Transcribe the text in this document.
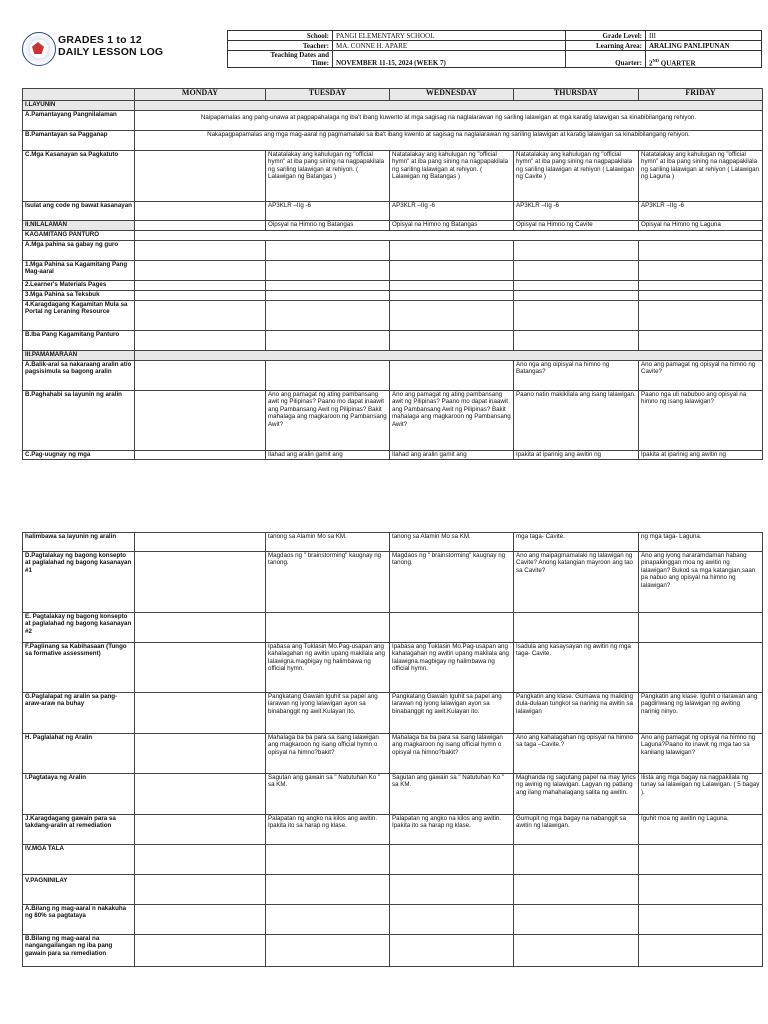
GRADES 1 to 12
DAILY LESSON LOG
School:	PANGI ELEMENTARY SCHOOL	Grade Level:	III
Teacher:	MA. CONNE H. APARE	Learning Area:	ARALING PANLIPUNAN

Teaching Dates and
Time:	NOVEMBER 11-15, 2024 (WEEK 7)	Quarter:	2ND QUARTER
	MONDAY	TUESDAY	WEDNESDAY	THURSDAY	FRIDAY
I.LAYUNIN					
A.Pamantayang Pangnilalaman	Naipapamalas ang pang-unawa at pagpapahalaga ng iba't ibang kuwento at mga sagisag na naglalarawan ng sariling lalawigan at mga karatig lalawigan sa kinabibilangang rehiyon.				
B.Pamantayan sa Pagganap	Nakapagpapamalas ang mga mag-aaral ng pagmamalaki sa iba't ibang kwento at sagisag na naglalarawan ng sariling lalawigan at karatig lalawigan sa kinabibilangang rehiyon.				
C.Mga Kasanayan sa Pagkatuto		Natatalakay ang kahulugan ng "official hymn" at iba pang sining na nagpapakilala ng sariling lalawigan at rehiyon. ( Lalawigan ng Batangas )	Natatalakay ang kahulugan ng "official hymn" at iba pang sining na nagpapakilala ng sariling lalawigan at rehiyon. ( Lalawigan ng Batangas )	Natatalakay ang kahulugan ng "official hymn" at iba pang sining na nagpapakilala ng sariling lalawigan at rehiyon ( Lalawigan ng Cavite )	Natatalakay ang kahulugan ng "official hymn" at iba pang sining na nagpapakilala ng sariling lalawigan at rehiyon ( Lalawigan ng Laguna )
Isulat ang code ng bawat kasanayan		AP3KLR –IIg -6	AP3KLR –IIg -6	AP3KLR –IIg -6	AP3KLR –IIg -6
II.NILALAMAN		Oipsyal na Himno ng Batangas	Opisyal na Himno ng Batangas	Opisyal na Himno ng Cavite	Opisyal na Himno ng Laguna
KAGAMITANG PANTURO					
A.Mga pahina sa gabay ng guro					
1.Mga Pahina sa Kagamitang Pang Mag-aaral					
2.Learner's Materials Pages					
3.Mga Pahina sa Teksbuk					
4.Karagdagang Kagamitan Mula sa Portal ng Leraning Resource					
B.Iba Pang Kagamitang Panturo					
III.PAMAMARAAN					
A.Balik-aral sa nakaraang aralin at/o pagsisimula sa bagong aralin				Ano nga ang oipisyal na himno ng Batangas?	Ano ang pamagat ng opisyal na himno ng Cavite?
B.Paghahabi sa layunin ng aralin		Ano ang pamagat ng ating pambansang awit ng Pilipinas? Paano mo dapat inaawit ang Pambansang Awit ng Pilipinas? Bakit mahalaga ang magkaroon ng Pambansang Awit?	Ano ang pamagat ng ating pambansang awit ng Pilipinas? Paano mo dapat inaawit ang Pambansang Awit ng Pilipinas? Bakit mahalaga ang magkaroon ng Pambansang Awit?	Paano natin makikilala ang isang lalawigan.	Paano nga uli nabubuo ang opisyal na himno ng isang lalawigan?
C.Pag-uugnay ng mga		Ilahad ang aralin gamit ang	Ilahad ang aralin gamit ang	Ipakita at iparinig ang awitin ng	Ipakita at iparinig ang awitin ng
halimbawa sa layunin ng aralin		tanong sa Alamin Mo sa KM.	tanong sa Alamin Mo sa KM.	mga taga- Cavite.	ng mga taga- Laguna.
D.Pagtalakay ng bagong konsepto at paglalahad ng bagong kasanayan #1		Magdaos ng " brainstorming" kaugnay ng tanong.	Magdaos ng " brainstorming" kaugnay ng tanong.	Ano ang maipagmamalaki ng lalawigan ng Cavite? Anong katangian mayroon ang tao sa Cavite?	Ano ang iyong nararamdaman habang pinapakinggan moa ng awitin ng lalawigan? Bukod sa mga katangian,saan pa nabuo ang opisyal na himno ng lalawigan?
E. Pagtalakay ng bagong konsepto at paglalahad ng bagong kasanayan #2					
F.Paglinang sa Kabihasaan (Tungo sa formative assessment)		Ipabasa ang Tuklasin Mo.Pag-usapan ang kahalagahan ng awitin upang makilala ang lalawigna.magbigay ng halimbawa ng official hymn.	Ipabasa ang Tuklasin Mo.Pag-usapan ang kahalagahan ng awitin upang makilala ang lalawigna.magbigay ng halimbawa ng official hymn.	Isadula ang kasaysayan ng awitin ng mga taga- Cavite.	
G.Paglalapat ng aralin sa pang-araw-araw na buhay		Pangkatang Gawain Iguhit sa papel ang larawan ng iyong lalawigan ayon sa binabanggit ng awit.Kulayan ito.	Pangkatang Gawain Iguhit sa papel ang larawan ng iyong lalawigan ayon sa binabanggit ng awit.Kulayan ito.	Pangkatin ang klase. Gumawa ng maikling dula-dulaan tungkol sa narinig na awitin sa lalawigan	Pangkatin ang klase. Iguhit o ilarawan ang pagdiriwang ng lalawigan ng awiting narinig ninyo.
H. Paglalahat ng Aralin		Mahalaga ba ba para sa isang lalawigan ang magkaroon ng isang official hymn o opisyal na himno?bakit?	Mahalaga ba ba para sa isang lalawigan ang magkaroon ng isang official hymn o opisyal na himno?bakit?	Ano ang kahalagahan ng opisyal na himno sa taga –Cavite.?	Ano ang pamagat ng opisyal na himno ng Laguna?Paano ito inawit ng mga tao sa kanilang lalawigan?
I.Pagtataya ng Aralin		Sagutan ang gawain sa " Natutuhan Ko " sa KM.	Sagutan ang gawain sa " Natutuhan Ko " sa KM.	Maghanda ng sagutang papel na may lyrics ng awinig ng lalawigan. Lagyan ng patlang ang ilang mahahalagang salita ng awitin.	Ilista ang mga bagay na nagpakilala ng tunay sa lalawigan ng Lalawigan. ( 5 bagay ).
J.Karagdagang gawain para sa takdang-aralin at remediation		Palapatan ng angko na kilos ang awitin. Ipakita ito sa harap ng klase.	Palapatan ng angko na kilos ang awitin. Ipakita ito sa harap ng klase.	Gumupit ng mga bagay na nabanggit sa awitin ng lalawigan.	Iguhit moa ng awitin ng Laguna.
IV.MGA TALA					
V.PAGNINILAY					
A.Bilang ng mag-aaral n nakakuha ng 80% sa pagtataya					
B.Bilang ng mag-aaral na nangangailangan ng iba pang gawain para sa remediation					
